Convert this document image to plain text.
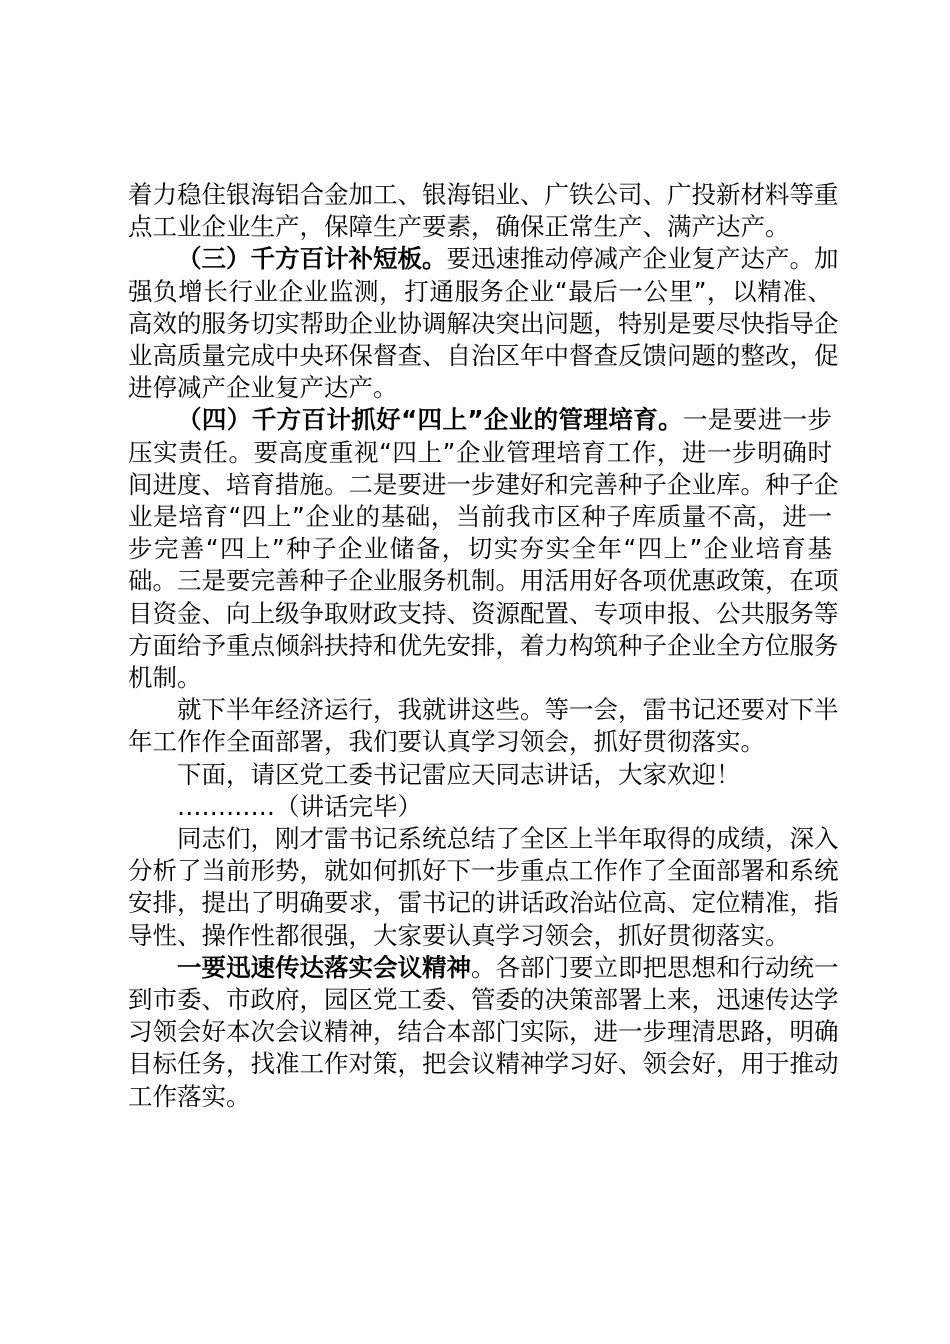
着力稳住银海铝合金加工、银海铝业、广铁公司、广投新材料等重
点工业企业生产，保障生产要素，确保正常生产、满产达产。
（三）千方百计补短板。要迅速推动停减产企业复产达产。加
强负增长行业企业监测，打通服务企业“最后一公里”，以精准、
高效的服务切实帮助企业协调解决突出问题，特别是要尽快指导企
业高质量完成中央环保督查、自治区年中督查反馈问题的整改，促
进停减产企业复产达产。
（四）千方百计抓好“四上”企业的管理培育。一是要进一步
压实责任。要高度重视“四上”企业管理培育工作，进一步明确时
间进度、培育措施。二是要进一步建好和完善种子企业库。种子企
业是培育“四上”企业的基础，当前我市区种子库质量不高，进一
步完善“四上”种子企业储备，切实夯实全年“四上”企业培育基
础。三是要完善种子企业服务机制。用活用好各项优惠政策，在项
目资金、向上级争取财政支持、资源配置、专项申报、公共服务等
方面给予重点倾斜扶持和优先安排，着力构筑种子企业全方位服务
机制。
就下半年经济运行，我就讲这些。等一会，雷书记还要对下半
年工作作全面部署，我们要认真学习领会，抓好贯彻落实。
下面，请区党工委书记雷应天同志讲话，大家欢迎！
…………（讲话完毕）
同志们，刚才雷书记系统总结了全区上半年取得的成绩，深入
分析了当前形势，就如何抓好下一步重点工作作了全面部署和系统
安排，提出了明确要求，雷书记的讲话政治站位高、定位精准，指
导性、操作性都很强，大家要认真学习领会，抓好贯彻落实。
一要迅速传达落实会议精神。各部门要立即把思想和行动统一
到市委、市政府，园区党工委、管委的决策部署上来，迅速传达学
习领会好本次会议精神，结合本部门实际，进一步理清思路，明确
目标任务，找准工作对策，把会议精神学习好、领会好，用于推动
工作落实。
